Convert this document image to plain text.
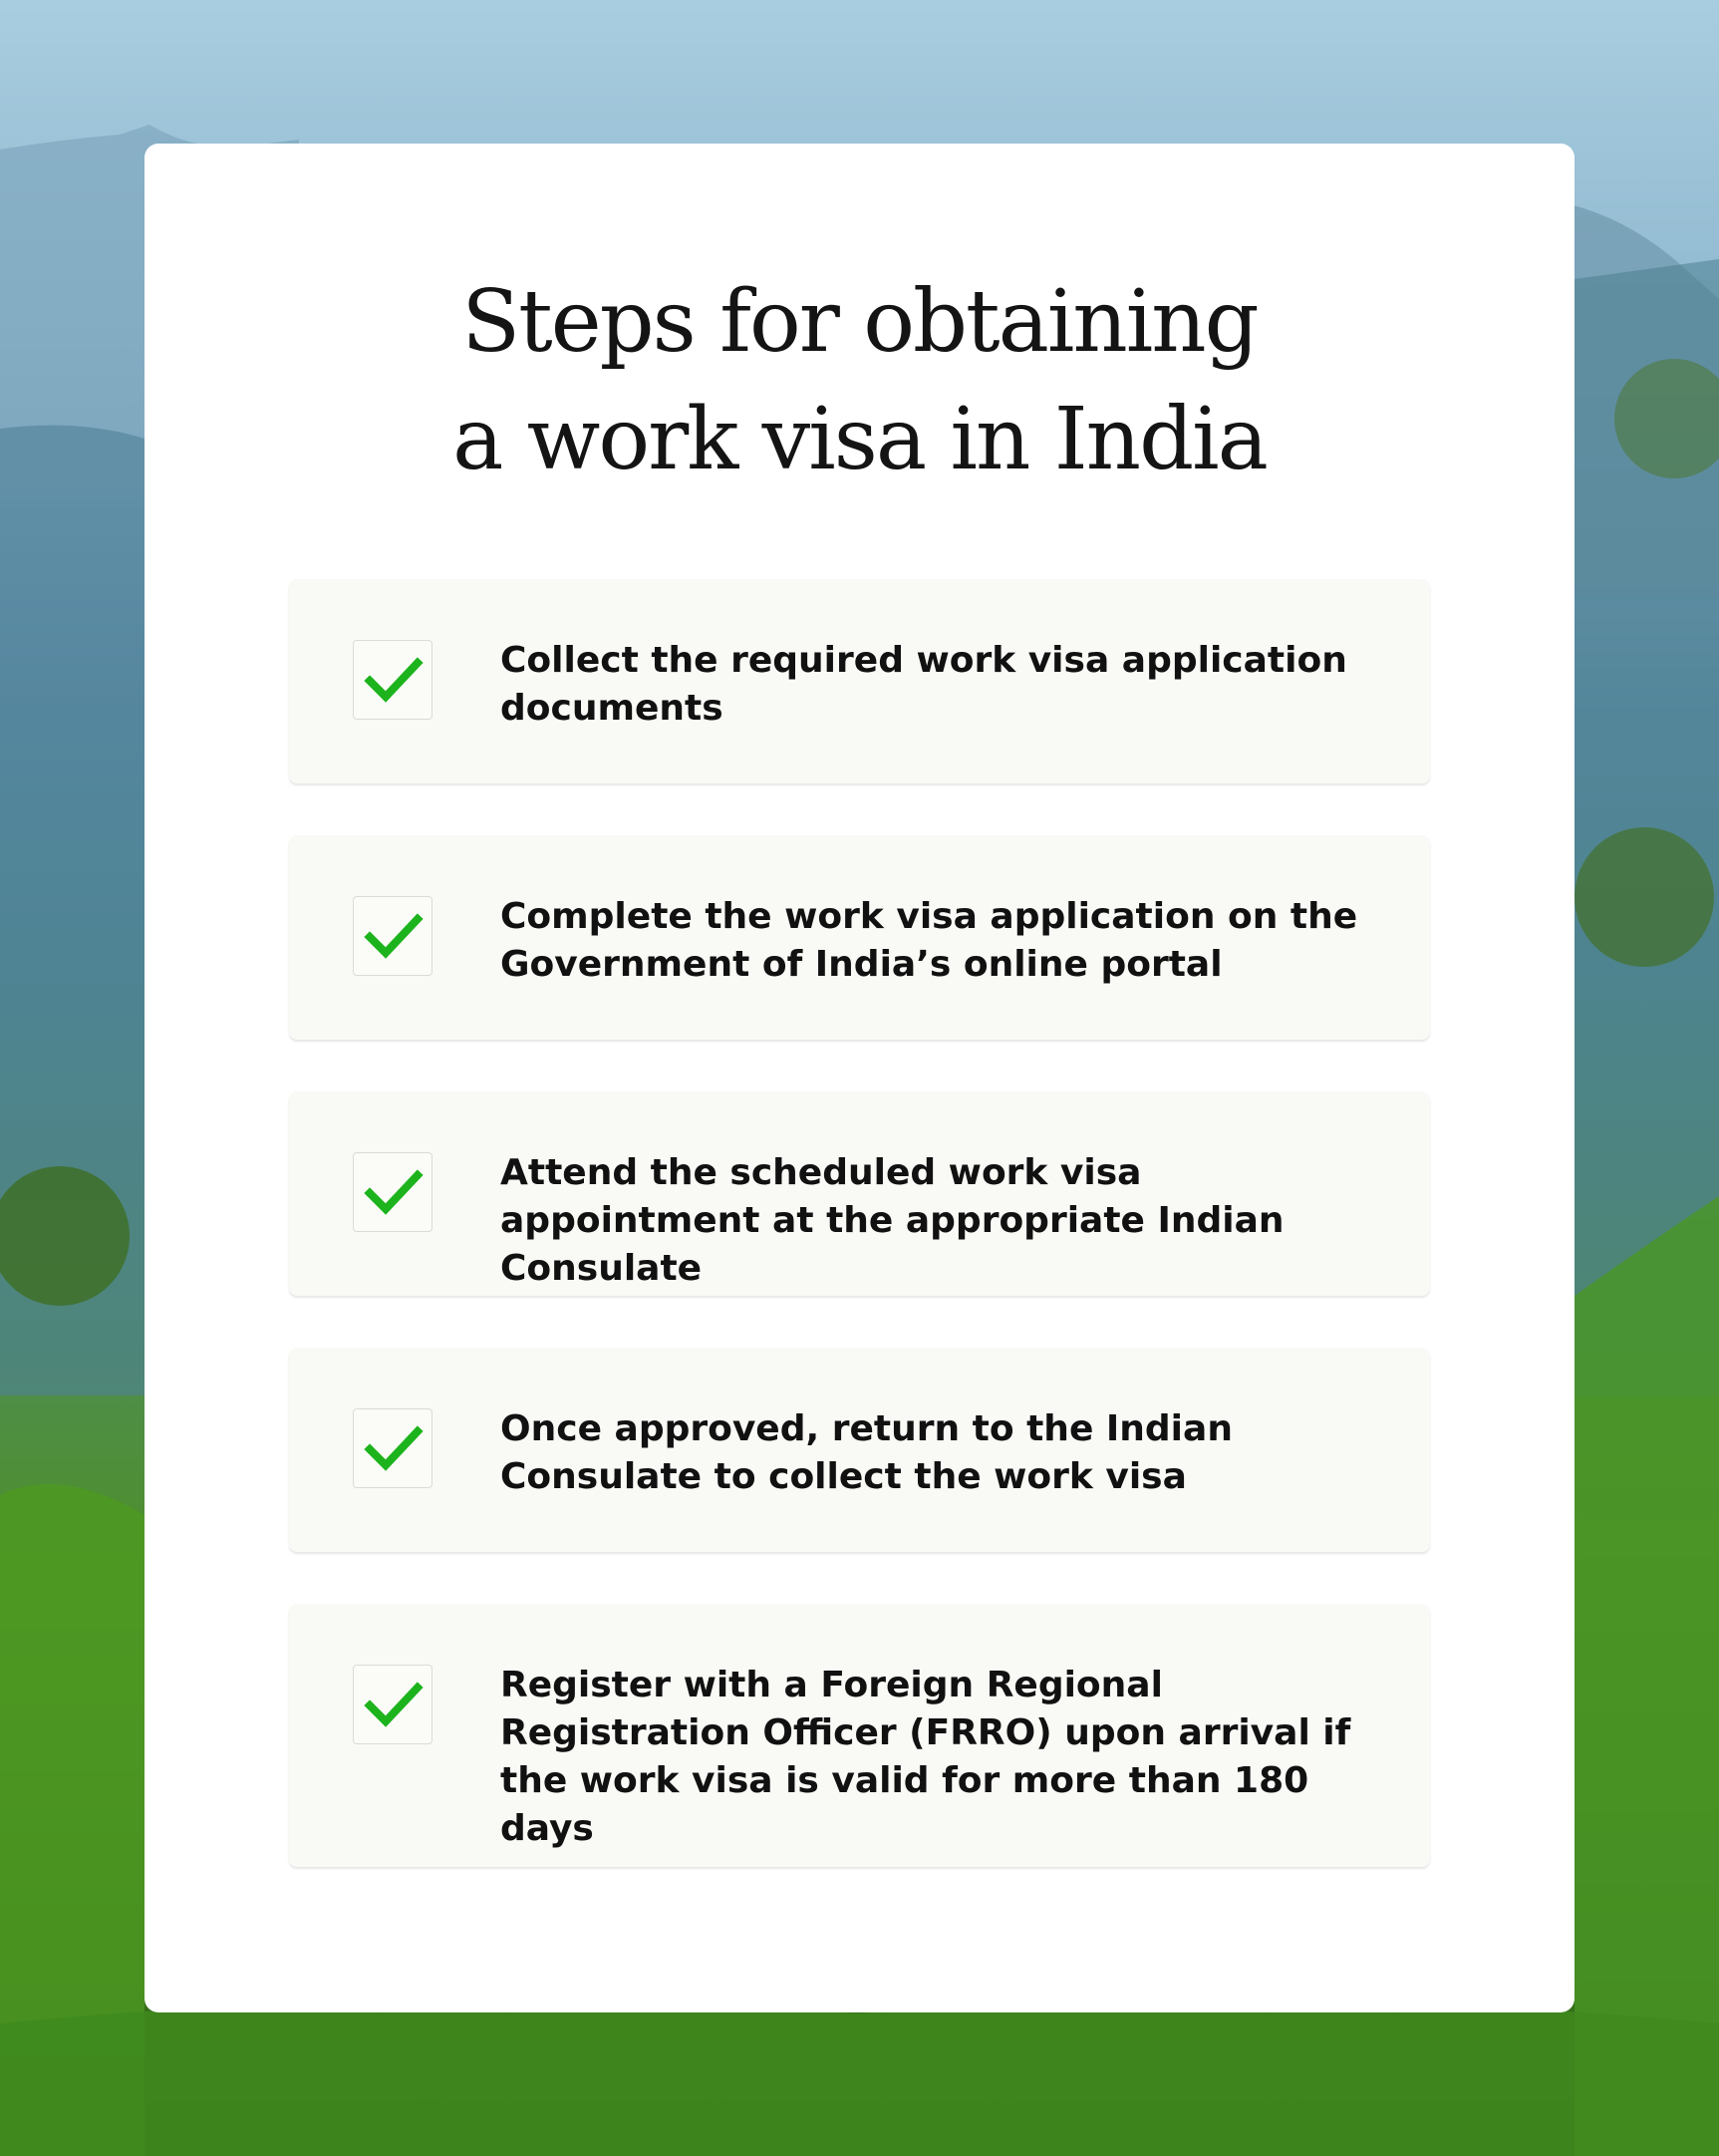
Steps for obtaining
a work visa in India
Collect the required work visa application documents
Complete the work visa application on the Government of India’s online portal
Attend the scheduled work visa appointment at the appropriate Indian Consulate
Once approved, return to the Indian Consulate to collect the work visa
Register with a Foreign Regional Registration Officer (FRRO) upon arrival if the work visa is valid for more than 180 days
